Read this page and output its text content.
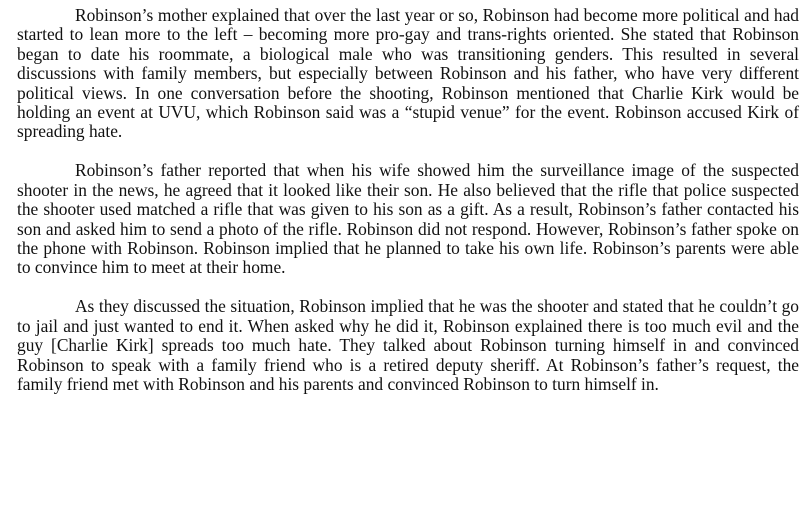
Robinson’s mother explained that over the last year or so, Robinson had become more political and had started to lean more to the left – becoming more pro-gay and trans-rights oriented. She stated that Robinson began to date his roommate, a biological male who was transitioning genders. This resulted in several discussions with family members, but especially between Robinson and his father, who have very different political views. In one conversation before the shooting, Robinson mentioned that Charlie Kirk would be holding an event at UVU, which Robinson said was a “stupid venue” for the event. Robinson accused Kirk of spreading hate.

Robinson’s father reported that when his wife showed him the surveillance image of the suspected shooter in the news, he agreed that it looked like their son. He also believed that the rifle that police suspected the shooter used matched a rifle that was given to his son as a gift. As a result, Robinson’s father contacted his son and asked him to send a photo of the rifle. Robinson did not respond. However, Robinson’s father spoke on the phone with Robinson. Robinson implied that he planned to take his own life. Robinson’s parents were able to convince him to meet at their home.

As they discussed the situation, Robinson implied that he was the shooter and stated that he couldn’t go to jail and just wanted to end it. When asked why he did it, Robinson explained there is too much evil and the guy [Charlie Kirk] spreads too much hate. They talked about Robinson turning himself in and convinced Robinson to speak with a family friend who is a retired deputy sheriff. At Robinson’s father’s request, the family friend met with Robinson and his parents and convinced Robinson to turn himself in.
